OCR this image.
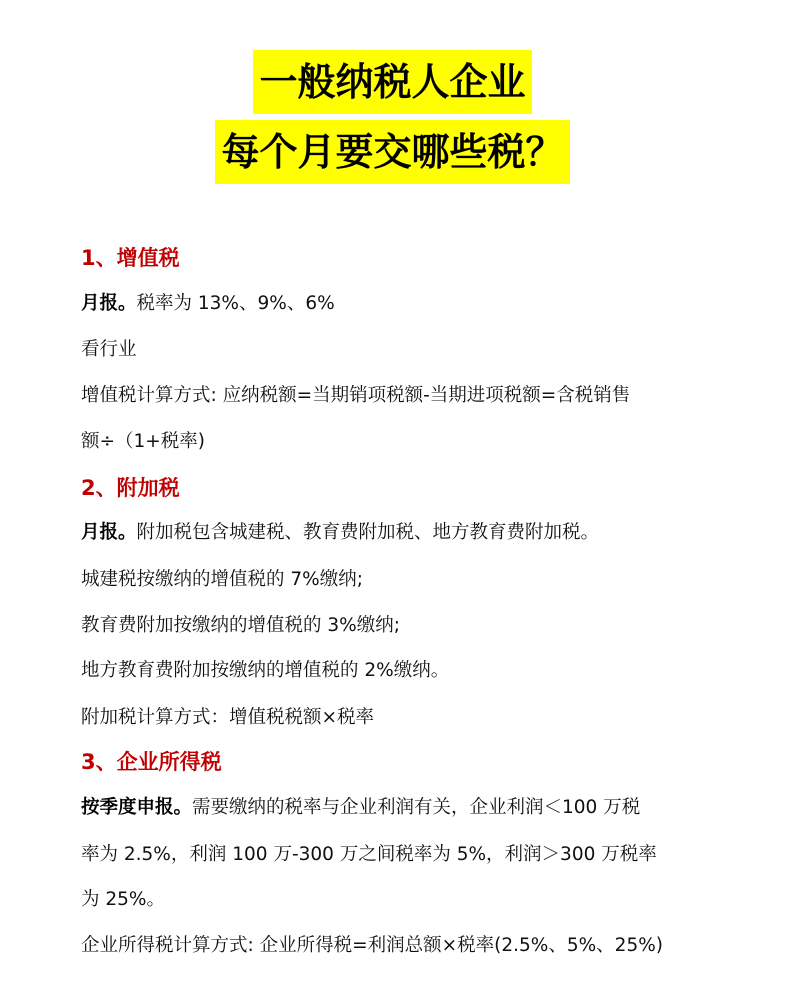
一般纳税人企业
每个月要交哪些税？
1、增值税
月报。税率为 13%、9%、6%
看行业
增值税计算方式: 应纳税额=当期销项税额-当期进项税额=含税销售
额÷（1+税率)
2、附加税
月报。附加税包含城建税、教育费附加税、地方教育费附加税。
城建税按缴纳的增值税的 7%缴纳;
教育费附加按缴纳的增值税的 3%缴纳;
地方教育费附加按缴纳的增值税的 2%缴纳。
附加税计算方式：增值税税额×税率
3、企业所得税
按季度申报。需要缴纳的税率与企业利润有关，企业利润＜100 万税
率为 2.5%，利润 100 万-300 万之间税率为 5%，利润＞300 万税率
为 25%。
企业所得税计算方式: 企业所得税=利润总额×税率(2.5%、5%、25%)
